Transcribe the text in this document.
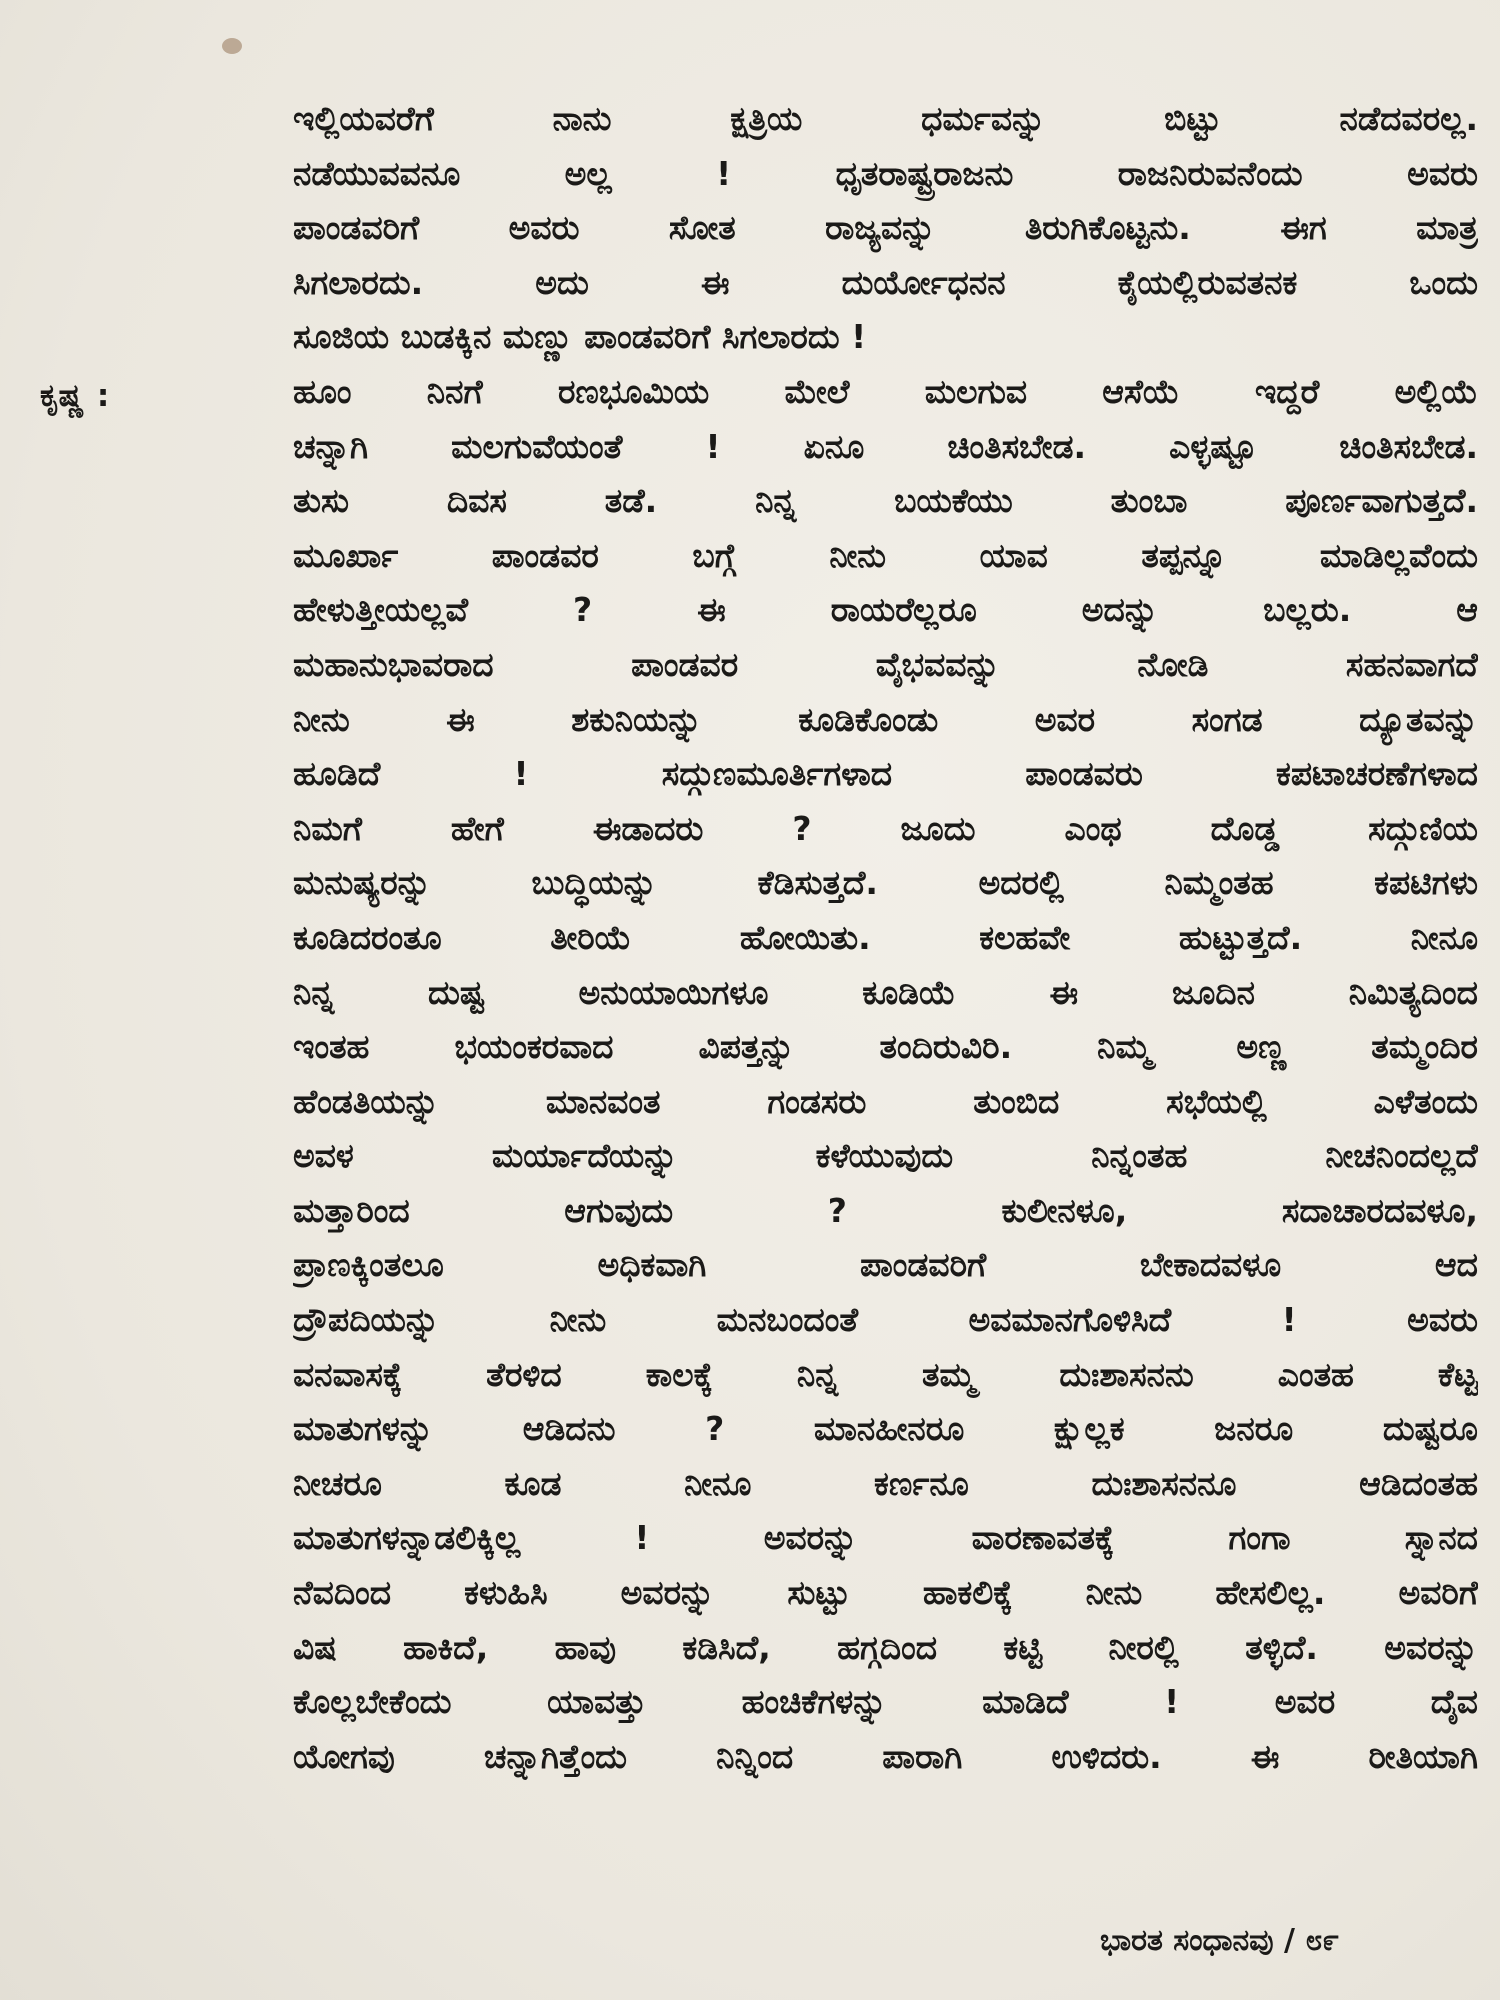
ಕೃಷ್ಣ :
ಇಲ್ಲಿಯವರೆಗೆ ನಾನು ಕ್ಷತ್ರಿಯ ಧರ್ಮವನ್ನು ಬಿಟ್ಟು ನಡೆದವರಲ್ಲ.
ನಡೆಯುವವನೂ ಅಲ್ಲ ! ಧೃತರಾಷ್ಟ್ರರಾಜನು ರಾಜನಿರುವನೆಂದು ಅವರು
ಪಾಂಡವರಿಗೆ ಅವರು ಸೋತ ರಾಜ್ಯವನ್ನು ತಿರುಗಿಕೊಟ್ಟನು. ಈಗ ಮಾತ್ರ
ಸಿಗಲಾರದು. ಅದು ಈ ದುರ್ಯೋಧನನ ಕೈಯಲ್ಲಿರುವತನಕ ಒಂದು
ಸೂಜಿಯ ಬುಡಕ್ಕಿನ ಮಣ್ಣು ಪಾಂಡವರಿಗೆ ಸಿಗಲಾರದು !
ಹೂಂ ನಿನಗೆ ರಣಭೂಮಿಯ ಮೇಲೆ ಮಲಗುವ ಆಸೆಯೆ ಇದ್ದರೆ ಅಲ್ಲಿಯೆ
ಚನ್ನಾಗಿ ಮಲಗುವೆಯಂತೆ ! ಏನೂ ಚಿಂತಿಸಬೇಡ. ಎಳ್ಳಷ್ಟೂ ಚಿಂತಿಸಬೇಡ.
ತುಸು ದಿವಸ ತಡೆ. ನಿನ್ನ ಬಯಕೆಯು ತುಂಬಾ ಪೂರ್ಣವಾಗುತ್ತದೆ.
ಮೂರ್ಖಾ ಪಾಂಡವರ ಬಗ್ಗೆ ನೀನು ಯಾವ ತಪ್ಪನ್ನೂ ಮಾಡಿಲ್ಲವೆಂದು
ಹೇಳುತ್ತೀಯಲ್ಲವೆ ? ಈ ರಾಯರೆಲ್ಲರೂ ಅದನ್ನು ಬಲ್ಲರು. ಆ
ಮಹಾನುಭಾವರಾದ ಪಾಂಡವರ ವೈಭವವನ್ನು ನೋಡಿ ಸಹನವಾಗದೆ
ನೀನು ಈ ಶಕುನಿಯನ್ನು ಕೂಡಿಕೊಂಡು ಅವರ ಸಂಗಡ ದ್ಯೂತವನ್ನು
ಹೂಡಿದೆ ! ಸದ್ಗುಣಮೂರ್ತಿಗಳಾದ ಪಾಂಡವರು ಕಪಟಾಚರಣೆಗಳಾದ
ನಿಮಗೆ ಹೇಗೆ ಈಡಾದರು ? ಜೂದು ಎಂಥ ದೊಡ್ಡ ಸದ್ಗುಣಿಯ
ಮನುಷ್ಯರನ್ನು ಬುದ್ಧಿಯನ್ನು ಕೆಡಿಸುತ್ತದೆ. ಅದರಲ್ಲಿ ನಿಮ್ಮಂತಹ ಕಪಟಿಗಳು
ಕೂಡಿದರಂತೂ ತೀರಿಯೆ ಹೋಯಿತು. ಕಲಹವೇ ಹುಟ್ಟುತ್ತದೆ. ನೀನೂ
ನಿನ್ನ ದುಷ್ಟ ಅನುಯಾಯಿಗಳೂ ಕೂಡಿಯೆ ಈ ಜೂದಿನ ನಿಮಿತ್ಯದಿಂದ
ಇಂತಹ ಭಯಂಕರವಾದ ವಿಪತ್ತನ್ನು ತಂದಿರುವಿರಿ. ನಿಮ್ಮ ಅಣ್ಣ ತಮ್ಮಂದಿರ
ಹೆಂಡತಿಯನ್ನು ಮಾನವಂತ ಗಂಡಸರು ತುಂಬಿದ ಸಭೆಯಲ್ಲಿ ಎಳೆತಂದು
ಅವಳ ಮರ್ಯಾದೆಯನ್ನು ಕಳೆಯುವುದು ನಿನ್ನಂತಹ ನೀಚನಿಂದಲ್ಲದೆ
ಮತ್ತಾರಿಂದ ಆಗುವುದು ? ಕುಲೀನಳೂ, ಸದಾಚಾರದವಳೂ,
ಪ್ರಾಣಕ್ಕಿಂತಲೂ ಅಧಿಕವಾಗಿ ಪಾಂಡವರಿಗೆ ಬೇಕಾದವಳೂ ಆದ
ದ್ರೌಪದಿಯನ್ನು ನೀನು ಮನಬಂದಂತೆ ಅವಮಾನಗೊಳಿಸಿದೆ ! ಅವರು
ವನವಾಸಕ್ಕೆ ತೆರಳಿದ ಕಾಲಕ್ಕೆ ನಿನ್ನ ತಮ್ಮ ದುಃಶಾಸನನು ಎಂತಹ ಕೆಟ್ಟ
ಮಾತುಗಳನ್ನು ಆಡಿದನು ? ಮಾನಹೀನರೂ ಕ್ಷುಲ್ಲಕ ಜನರೂ ದುಷ್ಟರೂ
ನೀಚರೂ ಕೂಡ ನೀನೂ ಕರ್ಣನೂ ದುಃಶಾಸನನೂ ಆಡಿದಂತಹ
ಮಾತುಗಳನ್ನಾಡಲಿಕ್ಕಿಲ್ಲ ! ಅವರನ್ನು ವಾರಣಾವತಕ್ಕೆ ಗಂಗಾ ಸ್ನಾನದ
ನೆವದಿಂದ ಕಳುಹಿಸಿ ಅವರನ್ನು ಸುಟ್ಟು ಹಾಕಲಿಕ್ಕೆ ನೀನು ಹೇಸಲಿಲ್ಲ. ಅವರಿಗೆ
ವಿಷ ಹಾಕಿದೆ, ಹಾವು ಕಡಿಸಿದೆ, ಹಗ್ಗದಿಂದ ಕಟ್ಟಿ ನೀರಲ್ಲಿ ತಳ್ಳಿದೆ. ಅವರನ್ನು
ಕೊಲ್ಲಬೇಕೆಂದು ಯಾವತ್ತು ಹಂಚಿಕೆಗಳನ್ನು ಮಾಡಿದೆ ! ಅವರ ದೈವ
ಯೋಗವು ಚನ್ನಾಗಿತ್ತೆಂದು ನಿನ್ನಿಂದ ಪಾರಾಗಿ ಉಳಿದರು. ಈ ರೀತಿಯಾಗಿ
ಭಾರತ ಸಂಧಾನವು / ೮೯
